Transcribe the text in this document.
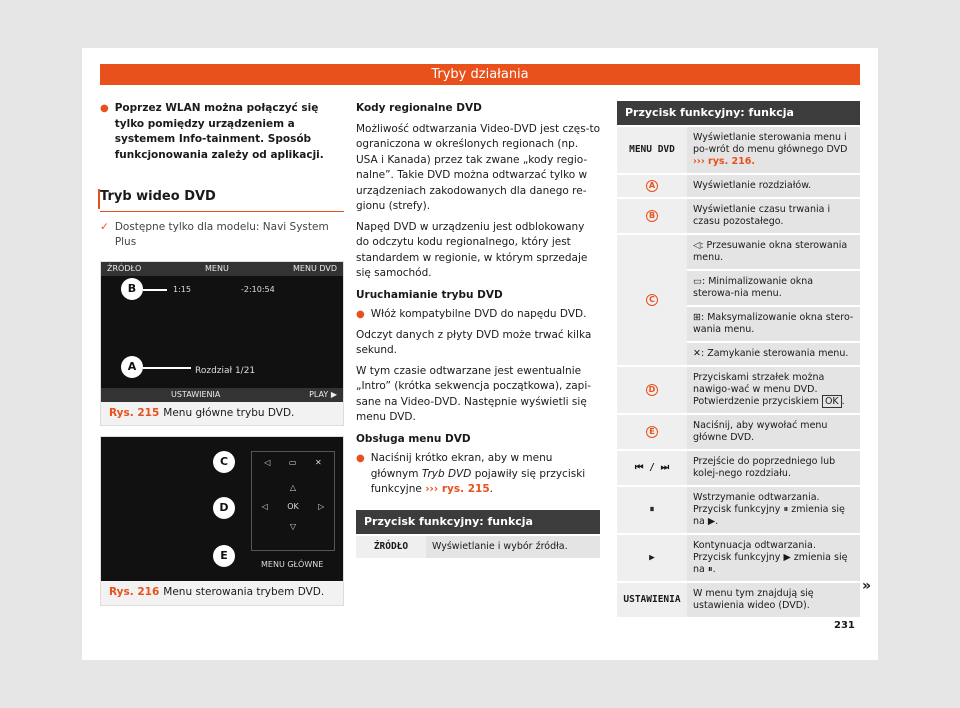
Tryby działania
● Poprzez WLAN można połączyć się tylko pomiędzy urządzeniem a systemem Info-tainment. Sposób funkcjonowania zależy od aplikacji.
Tryb wideo DVD
✓ Dostępne tylko dla modelu: Navi System Plus
ŹRÓDŁO	MENU	MENU DVD
1:15	-2:10:54
Rozdział 1/21
USTAWIENIA	PLAY ▶
B
A
Rys. 215 Menu główne trybu DVD.
◁ ▭ ✕
△
◁ OK ▷
▽
MENU GŁÓWNE
C
D
E
Rys. 216 Menu sterowania trybem DVD.
Kody regionalne DVD

Możliwość odtwarzania Video-DVD jest częs-to ograniczona w określonych regionach (np. USA i Kanada) przez tak zwane „kody regio-nalne”. Takie DVD można odtwarzać tylko w urządzeniach zakodowanych dla danego re-gionu (strefy).

Napęd DVD w urządzeniu jest odblokowany do odczytu kodu regionalnego, który jest standardem w regionie, w którym sprzedaje się samochód.

Uruchamianie trybu DVD
● Włóż kompatybilne DVD do napędu DVD.

Odczyt danych z płyty DVD może trwać kilka sekund.

W tym czasie odtwarzane jest ewentualnie „Intro” (krótka sekwencja początkowa), zapi-sane na Video-DVD. Następnie wyświetli się menu DVD.

Obsługa menu DVD
● Naciśnij krótko ekran, aby w menu głównym Tryb DVD pojawiły się przyciski funkcyjne ››› rys. 215.
Przycisk funkcyjny: funkcja
ŹRÓDŁO	Wyświetlanie i wybór źródła.
Przycisk funkcyjny: funkcja	
MENU DVD	Wyświetlanie sterowania menu i po-wrót do menu głównego DVD ››› rys. 216.
A	Wyświetlanie rozdziałów.
B	Wyświetlanie czasu trwania i czasu pozostałego.
C	◁: Przesuwanie okna sterowania menu.
	▭: Minimalizowanie okna sterowa-nia menu.
	⊞: Maksymalizowanie okna stero-wania menu.
	✕: Zamykanie sterowania menu.
D	Przyciskami strzałek można nawigo-wać w menu DVD. Potwierdzenie przyciskiem OK .
E	Naciśnij, aby wywołać menu główne DVD.
⏮ / ⏭	Przejście do poprzedniego lub kolej-nego rozdziału.
⏸	Wstrzymanie odtwarzania. Przycisk funkcyjny ⏸ zmienia się na ▶.
▶	Kontynuacja odtwarzania. Przycisk funkcyjny ▶ zmienia się na ⏸.
USTAWIENIA	W menu tym znajdują się ustawienia wideo (DVD).
»
231
